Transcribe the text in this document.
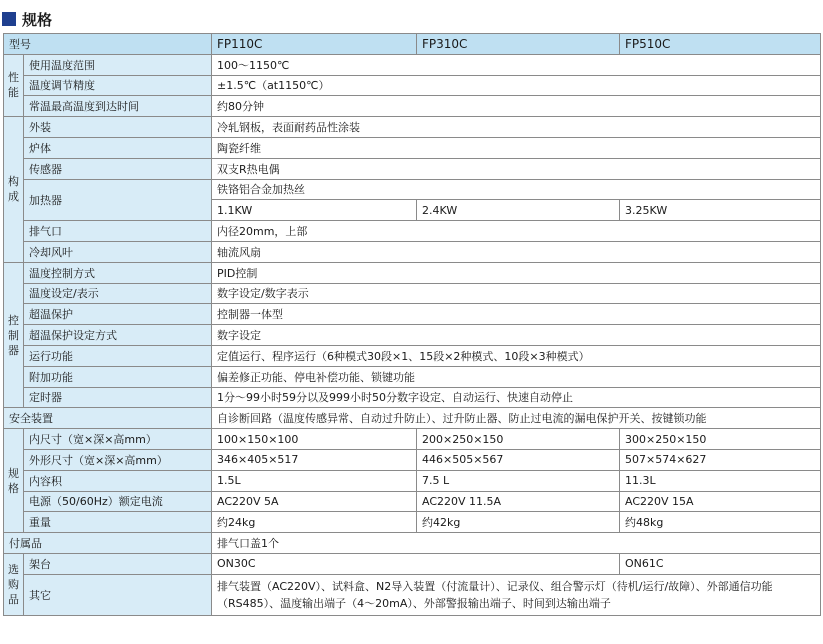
规格
型号		FP110C	FP310C	FP510C
性
能	使用温度范围	100～1150℃		
	温度调节精度	±1.5℃（at1150℃）		
	常温最高温度到达时间	约80分钟		
构
成	外装	冷轧钢板，表面耐药品性涂装		
	炉体	陶瓷纤维		
	传感器	双支R热电偶		
	加热器	铁铬铝合金加热丝		
		1.1KW	2.4KW	3.25KW
	排气口	内径20mm，上部		
	冷却风叶	轴流风扇		
控
制
器	温度控制方式	PID控制		
	温度设定/表示	数字设定/数字表示		
	超温保护	控制器一体型		
	超温保护设定方式	数字设定		
	运行功能	定值运行、程序运行（6种模式30段×1、15段×2种模式、10段×3种模式）		
	附加功能	偏差修正功能、停电补偿功能、锁键功能		
	定时器	1分～99小时59分以及999小时50分数字设定、自动运行、快速自动停止		
安全装置		自诊断回路（温度传感异常、自动过升防止）、过升防止器、防止过电流的漏电保护开关、按键锁功能		
规
格	内尺寸（宽×深×高mm）	100×150×100	200×250×150	300×250×150
	外形尺寸（宽×深×高mm）	346×405×517	446×505×567	507×574×627
	内容积	1.5L	7.5 L	11.3L
	电源（50/60Hz）额定电流	AC220V 5A	AC220V 11.5A	AC220V 15A
	重量	约24kg	约42kg	约48kg
付属品		排气口盖1个		
选
购
品	架台	ON30C		ON61C
	其它	排气装置（AC220V）、试料盒、N2导入装置（付流量计）、记录仪、组合警示灯（待机/运行/故障）、外部通信功能（RS485）、温度输出端子（4～20mA）、外部警报输出端子、时间到达输出端子		
